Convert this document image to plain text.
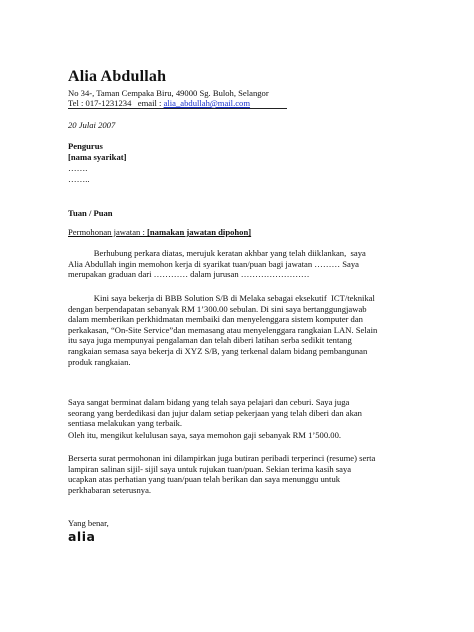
Alia Abdullah
No 34-, Taman Cempaka Biru, 49000 Sg. Buloh, Selangor
Tel : 017-1231234   email : alia_abdullah@mail.com
20 Julai 2007
Pengurus
[nama syarikat]
…….
……..
Tuan / Puan
Permohonan jawatan : [namakan jawatan dipohon]
Berhubung perkara diatas, merujuk keratan akhbar yang telah diiklankan,  saya
Alia Abdullah ingin memohon kerja di syarikat tuan/puan bagi jawatan ……… Saya
merupakan graduan dari ………… dalam jurusan ……………………
Kini saya bekerja di BBB Solution S/B di Melaka sebagai eksekutif  ICT/teknikal
dengan berpendapatan sebanyak RM 1’300.00 sebulan. Di sini saya bertanggungjawab
dalam memberikan perkhidmatan membaiki dan menyelenggara sistem komputer dan
perkakasan, “On-Site Service”dan memasang atau menyelenggara rangkaian LAN. Selain
itu saya juga mempunyai pengalaman dan telah diberi latihan serba sedikit tentang
rangkaian semasa saya bekerja di XYZ S/B, yang terkenal dalam bidang pembangunan
produk rangkaian.
Saya sangat berminat dalam bidang yang telah saya pelajari dan ceburi. Saya juga
seorang yang berdedikasi dan jujur dalam setiap pekerjaan yang telah diberi dan akan
sentiasa melakukan yang terbaik.
Oleh itu, mengikut kelulusan saya, saya memohon gaji sebanyak RM 1’500.00.
Berserta surat permohonan ini dilampirkan juga butiran peribadi terperinci (resume) serta
lampiran salinan sijil- sijil saya untuk rujukan tuan/puan. Sekian terima kasih saya
ucapkan atas perhatian yang tuan/puan telah berikan dan saya menunggu untuk
perkhabaran seterusnya.
Yang benar,
alia
